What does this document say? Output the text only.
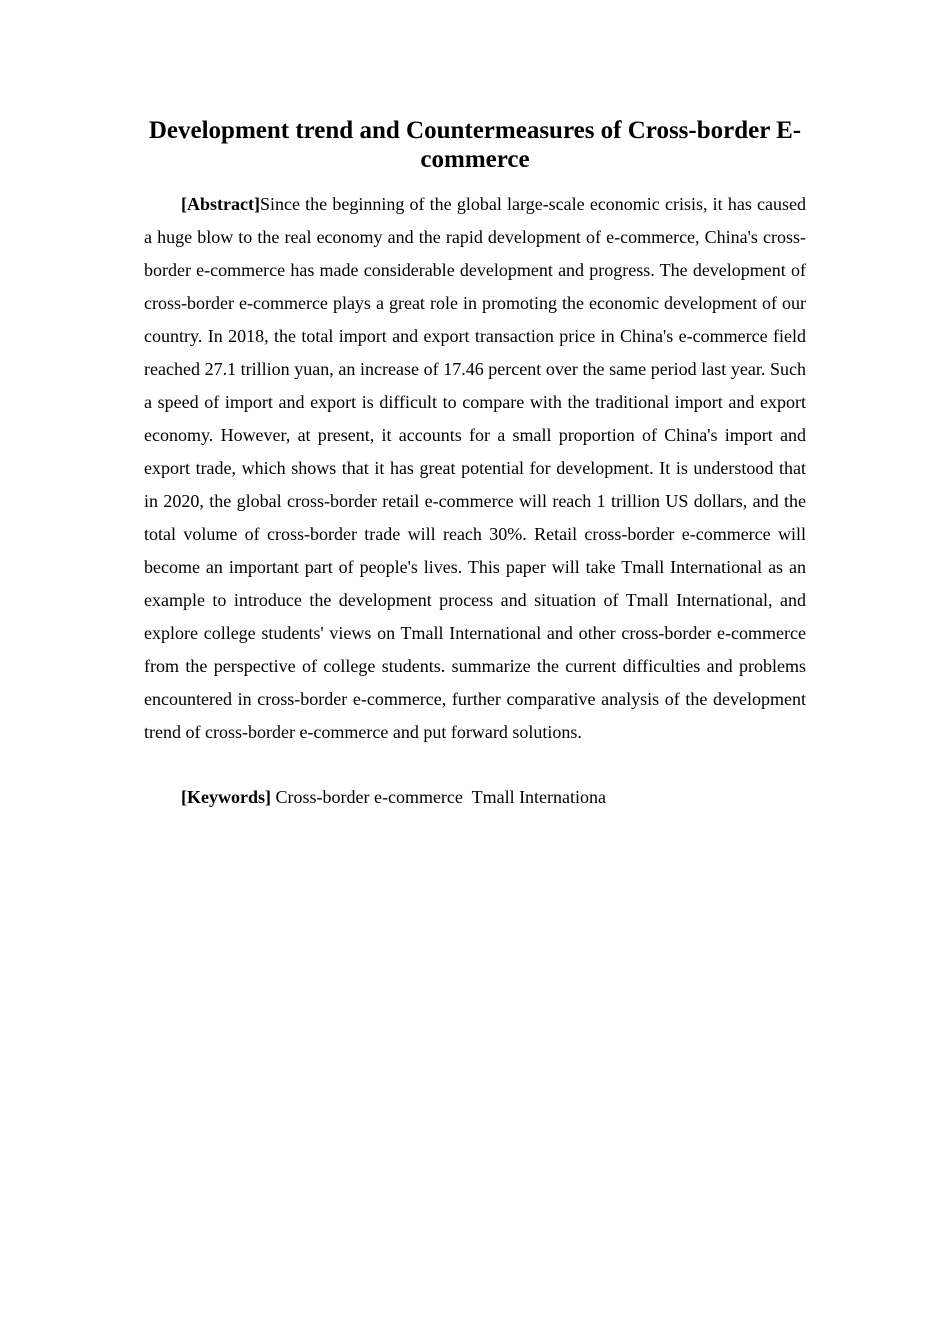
Development trend and Countermeasures of Cross-border E-commerce

[Abstract]Since the beginning of the global large-scale economic crisis, it has caused a huge blow to the real economy and the rapid development of e-commerce, China's cross-border e-commerce has made considerable development and progress. The development of cross-border e-commerce plays a great role in promoting the economic development of our country. In 2018, the total import and export transaction price in China's e-commerce field reached 27.1 trillion yuan, an increase of 17.46 percent over the same period last year. Such a speed of import and export is difficult to compare with the traditional import and export economy. However, at present, it accounts for a small proportion of China's import and export trade, which shows that it has great potential for development. It is understood that in 2020, the global cross-border retail e-commerce will reach 1 trillion US dollars, and the total volume of cross-border trade will reach 30%. Retail cross-border e-commerce will become an important part of people's lives. This paper will take Tmall International as an example to introduce the development process and situation of Tmall International, and explore college students' views on Tmall International and other cross-border e-commerce from the perspective of college students. summarize the current difficulties and problems encountered in cross-border e-commerce, further comparative analysis of the development trend of cross-border e-commerce and put forward solutions.

[Keywords] Cross-border e-commerce  Tmall Internationa
